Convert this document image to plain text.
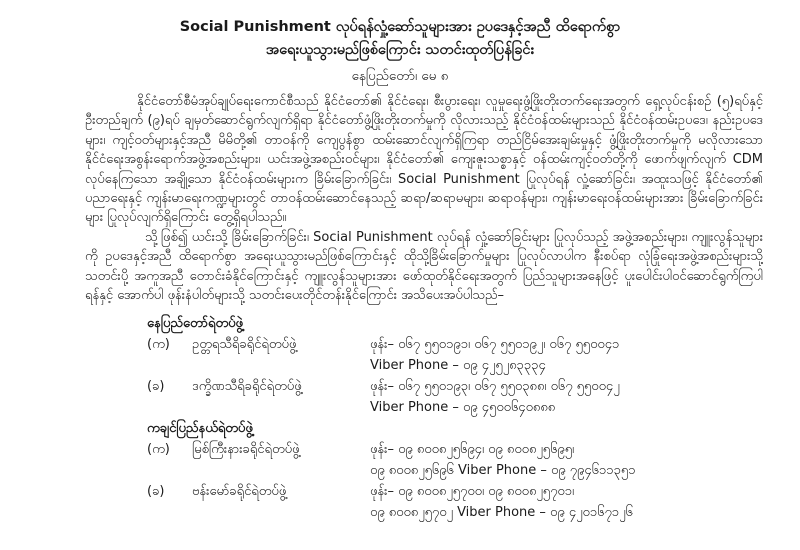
Social Punishment လုပ်ရန်လှုံ့ဆော်သူများအား ဥပဒေနှင့်အညီ ထိရောက်စွာ
အရေးယူသွားမည်ဖြစ်ကြောင်း သတင်းထုတ်ပြန်ခြင်း
နေပြည်တော်၊ မေ ၈

နိုင်ငံတော်စီမံအုပ်ချုပ်ရေးကောင်စီသည် နိုင်ငံတော်၏ နိုင်ငံရေး၊ စီးပွားရေး၊ လူမှုရေးဖွံ့ဖြိုးတိုးတက်ရေးအတွက် ရှေ့လုပ်ငန်းစဉ် (၅)ရပ်နှင့် ဦးတည်ချက် (၉)ရပ် ချမှတ်ဆောင်ရွက်လျက်ရှိရာ နိုင်ငံတော်ဖွံ့ဖြိုးတိုးတက်မှုကို လိုလားသည့် နိုင်ငံဝန်ထမ်းများသည် နိုင်ငံဝန်ထမ်းဥပဒေ၊ နည်းဥပဒေများ၊ ကျင့်ဝတ်များနှင့်အညီ မိမိတို့၏ တာဝန်ကို ကျေပွန်စွာ ထမ်းဆောင်လျက်ရှိကြရာ တည်ငြိမ်အေးချမ်းမှုနှင့် ဖွံ့ဖြိုးတိုးတက်မှုကို မလိုလားသော နိုင်ငံရေးအစွန်းရောက်အဖွဲ့အစည်းများ၊ ယင်းအဖွဲ့အစည်းဝင်များ၊ နိုင်ငံတော်၏ ကျေးဇူးသစ္စာနှင့် ဝန်ထမ်းကျင့်ဝတ်တို့ကို ဖောက်ဖျက်လျက် CDM လုပ်နေကြသော အချို့သော နိုင်ငံဝန်ထမ်းများက ခြိမ်းခြောက်ခြင်း၊ Social Punishment ပြုလုပ်ရန် လှုံ့ဆော်ခြင်း၊ အထူးသဖြင့် နိုင်ငံတော်၏ ပညာရေးနှင့် ကျန်းမာရေးကဏ္ဍများတွင် တာဝန်ထမ်းဆောင်နေသည့် ဆရာ/ဆရာမများ၊ ဆရာဝန်များ၊ ကျန်းမာရေးဝန်ထမ်းများအား ခြိမ်းခြောက်ခြင်းများ ပြုလုပ်လျက်ရှိကြောင်း တွေ့ရှိရပါသည်။

သို့ဖြစ်၍ ယင်းသို့ ခြိမ်းခြောက်ခြင်း၊ Social Punishment လုပ်ရန် လှုံ့ဆော်ခြင်းများ ပြုလုပ်သည့် အဖွဲ့အစည်းများ၊ ကျူးလွန်သူများကို ဥပဒေနှင့်အညီ ထိရောက်စွာ အရေးယူသွားမည်ဖြစ်ကြောင်းနှင့် ထိုသို့ခြိမ်းခြောက်မှုများ ပြုလုပ်လာပါက နီးစပ်ရာ လုံခြုံရေးအဖွဲ့အစည်းများသို့ သတင်းပို့ အကူအညီ တောင်းခံနိုင်ကြောင်းနှင့် ကျူးလွန်သူများအား ဖော်ထုတ်နိုင်ရေးအတွက် ပြည်သူများအနေဖြင့် ပူးပေါင်းပါဝင်ဆောင်ရွက်ကြပါရန်နှင့် အောက်ပါ ဖုန်းနံပါတ်များသို့ သတင်းပေးတိုင်တန်းနိုင်ကြောင်း အသိပေးအပ်ပါသည်–

နေပြည်တော်ရဲတပ်ဖွဲ့
(က)	ဥတ္တရသီရိခရိုင်ရဲတပ်ဖွဲ့	ဖုန်း– ၀၆၇ ၅၅၀၁၉၁၊ ၀၆၇ ၅၅၀၁၉၂၊ ၀၆၇ ၅၅၀၀၄၁
Viber Phone – ၀၉ ၄၂၅၂၈၃၃၃၄
(ခ)	ဒက္ခိဏသီရိခရိုင်ရဲတပ်ဖွဲ့	ဖုန်း– ၀၆၇ ၅၅၀၁၉၃၊ ၀၆၇ ၅၅၀၃၈၈၊ ၀၆၇ ၅၅၀၀၄၂
Viber Phone – ၀၉ ၄၅၀၀၆၄၀၈၈၈
ကချင်ပြည်နယ်ရဲတပ်ဖွဲ့
(က)	မြစ်ကြီးနားခရိုင်ရဲတပ်ဖွဲ့	ဖုန်း– ၀၉ ၈၀၀၈၂၅၆၉၄၊ ၀၉ ၈၀၀၈၂၅၆၉၅၊
၀၉ ၈၀၀၈၂၅၆၉၆ Viber Phone – ၀၉ ၇၉၄၆၁၁၃၅၁
(ခ)	ဗန်းမော်ခရိုင်ရဲတပ်ဖွဲ့	ဖုန်း– ၀၉ ၈၀၀၈၂၅၇၀၀၊ ၀၉ ၈၀၀၈၂၅၇၀၁၊
၀၉ ၈၀၀၈၂၅၇၀၂ Viber Phone – ၀၉ ၄၂၀၁၆၇၁၂၆
